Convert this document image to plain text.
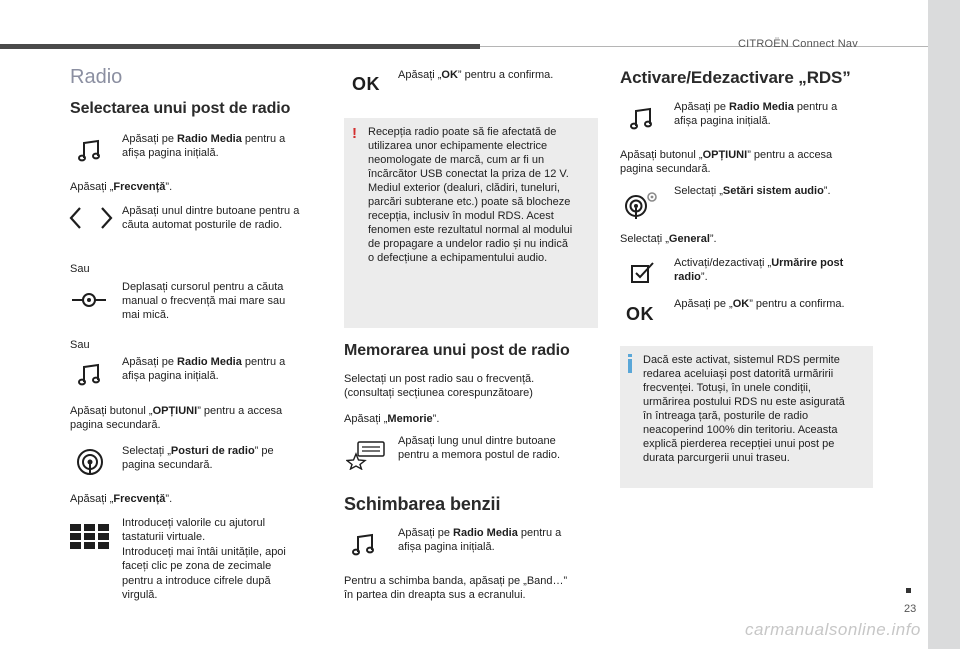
CITROËN Connect Nav
23
carmanualsonline.info
Radio
Selectarea unui post de radio
Apăsați pe Radio Media pentru a
afișa pagina inițială.
Apăsați „Frecvență”.
Apăsați unul dintre butoane pentru a
căuta automat posturile de radio.
Sau
Deplasați cursorul pentru a căuta
manual o frecvență mai mare sau
mai mică.
Sau
Apăsați pe Radio Media pentru a
afișa pagina inițială.
Apăsați butonul „OPȚIUNI” pentru a accesa
pagina secundară.
Selectați „Posturi de radio” pe
pagina secundară.
Apăsați „Frecvență”.
Introduceți valorile cu ajutorul
tastaturii virtuale.
Introduceți mai întâi unitățile, apoi
faceți clic pe zona de zecimale
pentru a introduce cifrele după
virgulă.
OK Apăsați „OK” pentru a confirma.
! Recepția radio poate să fie afectată de
utilizarea unor echipamente electrice
neomologate de marcă, cum ar fi un
încărcător USB conectat la priza de 12 V.
Mediul exterior (dealuri, clădiri, tuneluri,
parcări subterane etc.) poate să blocheze
recepția, inclusiv în modul RDS. Acest
fenomen este rezultatul normal al modului
de propagare a undelor radio și nu indică
o defecțiune a echipamentului audio.
Memorarea unui post de radio
Selectați un post radio sau o frecvență.
(consultați secțiunea corespunzătoare)
Apăsați „Memorie”.
Apăsați lung unul dintre butoane
pentru a memora postul de radio.
Schimbarea benzii
Apăsați pe Radio Media pentru a
afișa pagina inițială.
Pentru a schimba banda, apăsați pe „Band…”
în partea din dreapta sus a ecranului.
Activare/Edezactivare „RDS”
Apăsați pe Radio Media pentru a
afișa pagina inițială.
Apăsați butonul „OPȚIUNI” pentru a accesa
pagina secundară.
Selectați „Setări sistem audio”.
Selectați „General”.
Activați/dezactivați „Urmărire post
radio”.
OK Apăsați pe „OK” pentru a confirma.
Dacă este activat, sistemul RDS permite
redarea aceluiași post datorită urmăririi
frecvenței. Totuși, în unele condiții,
urmărirea postului RDS nu este asigurată
în întreaga țară, posturile de radio
neacoperind 100% din teritoriu. Aceasta
explică pierderea recepției unui post pe
durata parcurgerii unui traseu.
